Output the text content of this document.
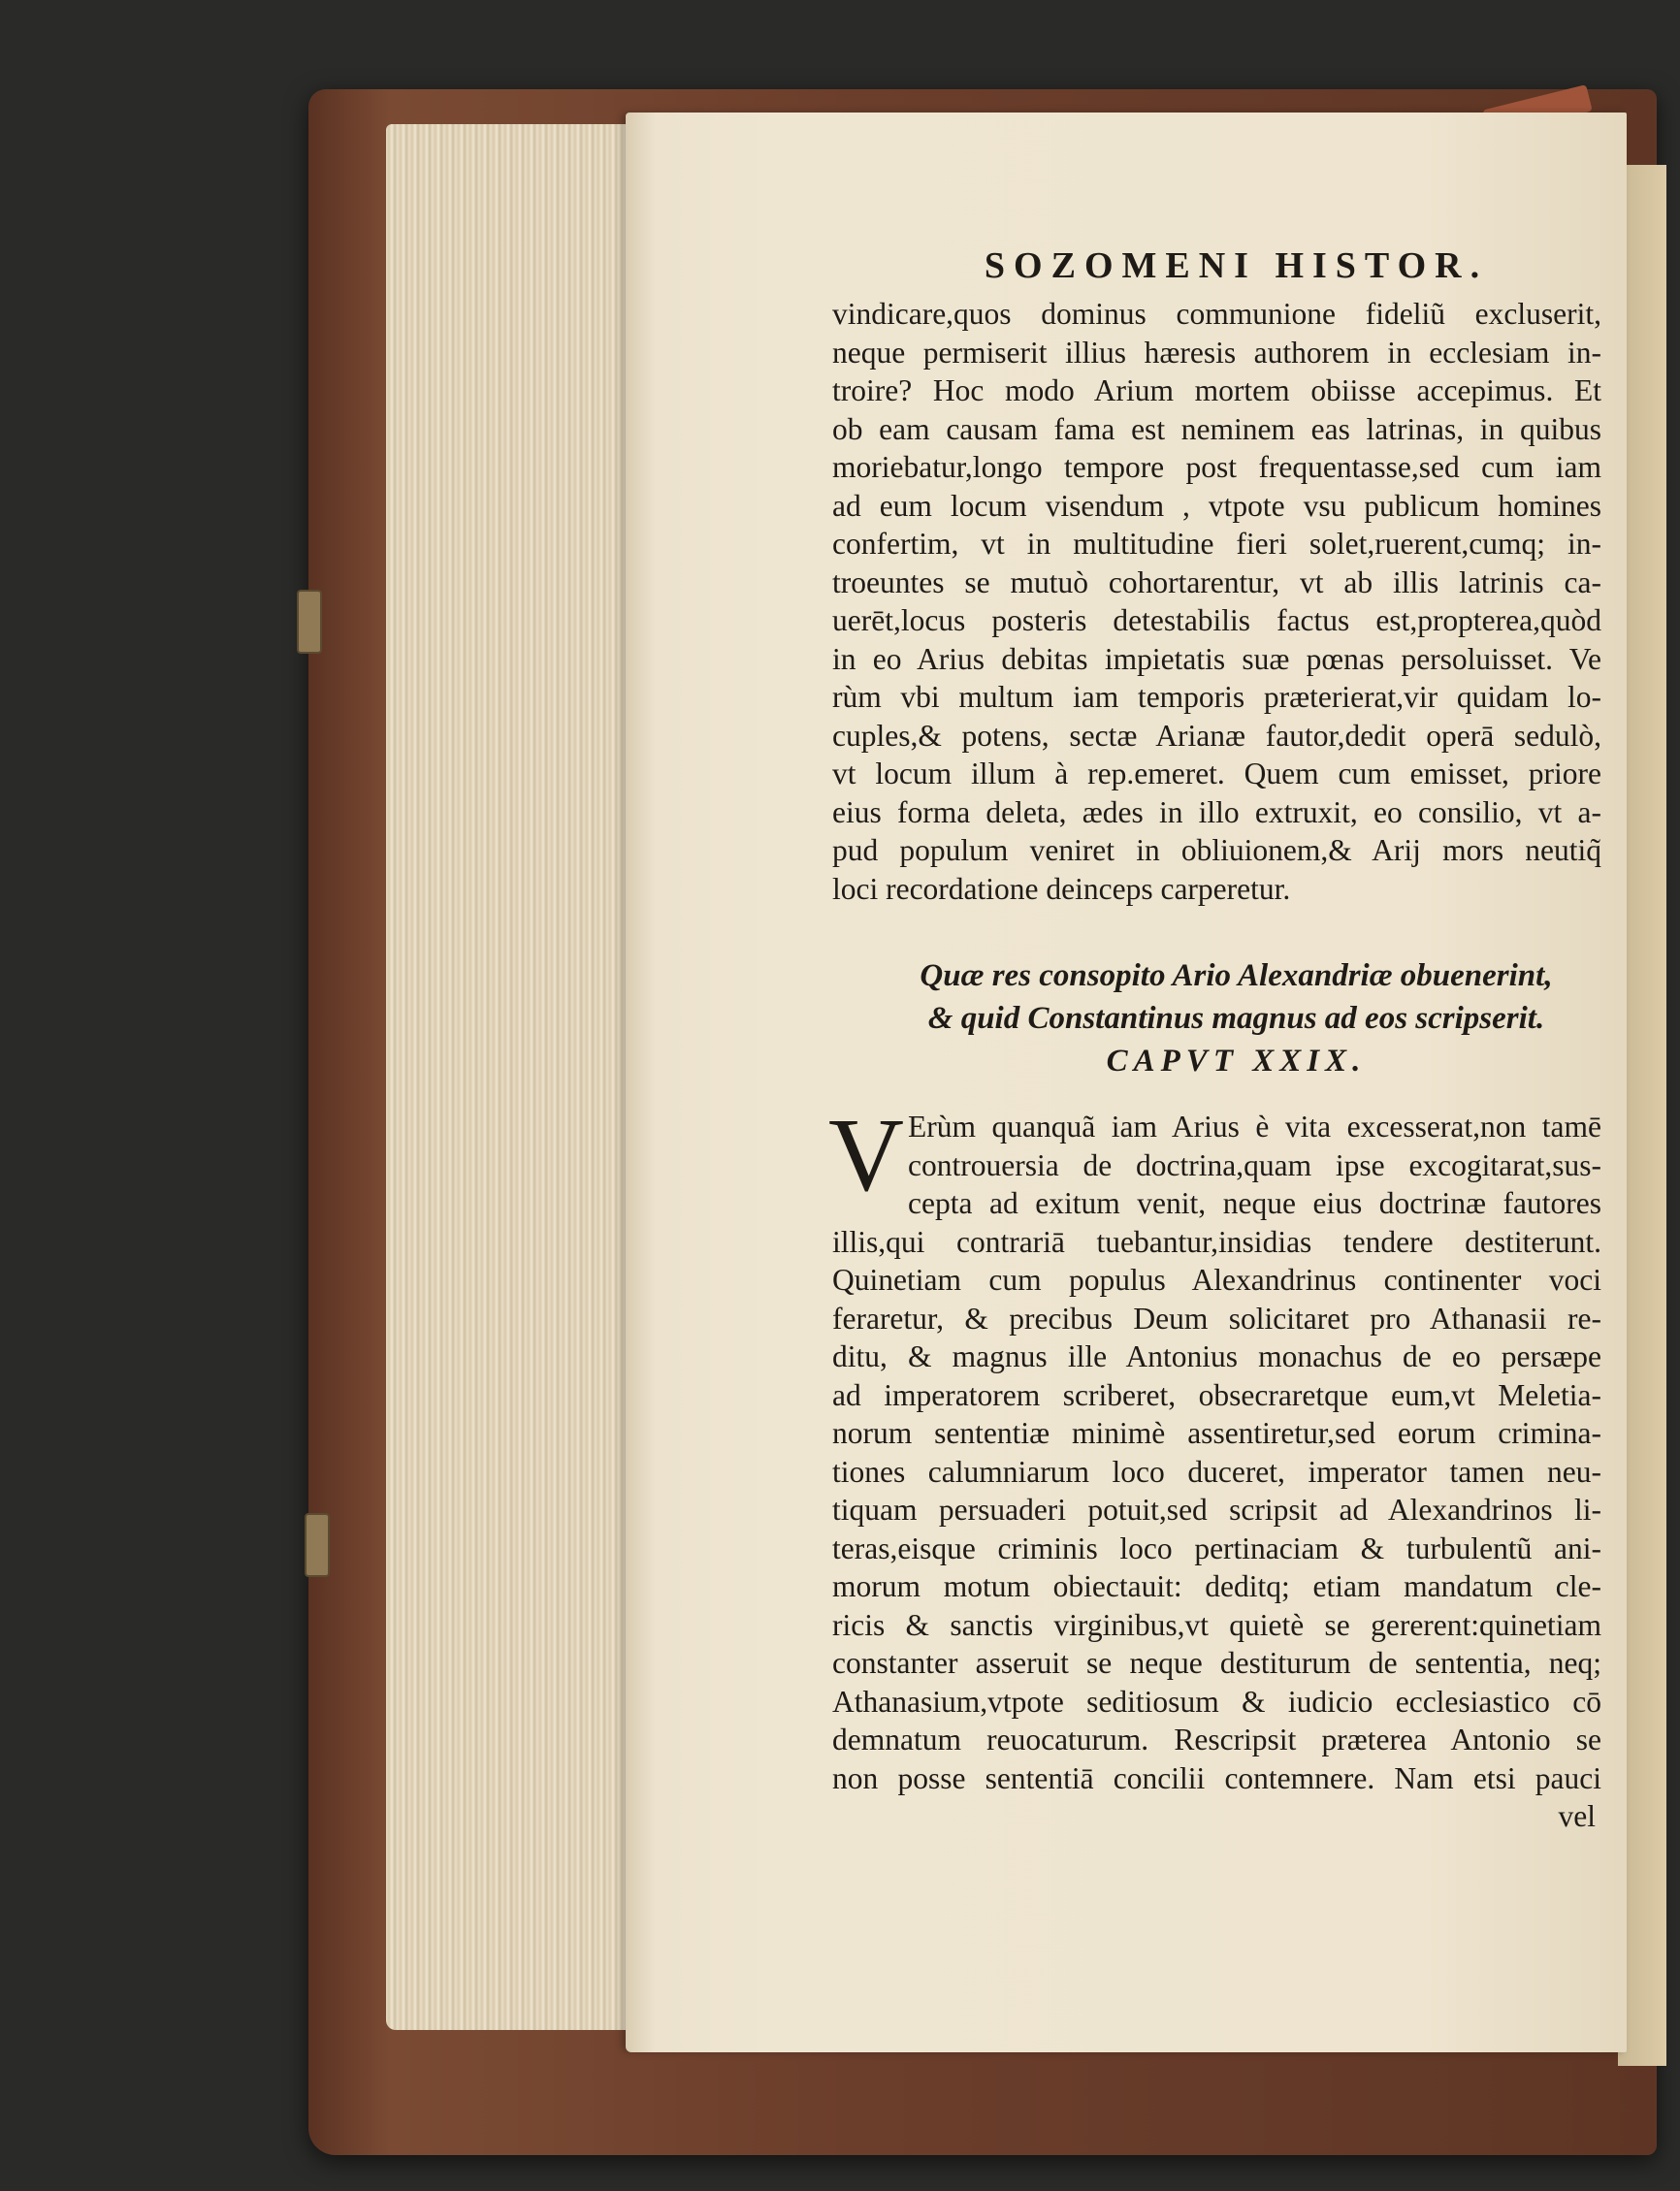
SOZOMENI HISTOR.
vindicare,quos dominus communione fideliũ excluserit,
neque permiserit illius hæresis authorem in ecclesiam in-
troire? Hoc modo Arium mortem obiisse accepimus. Et
ob eam causam fama est neminem eas latrinas, in quibus
moriebatur,longo tempore post frequentasse,sed cum iam
ad eum locum visendum , vtpote vsu publicum homines
confertim, vt in multitudine fieri solet,ruerent,cumq; in-
troeuntes se mutuò cohortarentur, vt ab illis latrinis ca-
uerēt,locus posteris detestabilis factus est,propterea,quòd
in eo Arius debitas impietatis suæ pœnas persoluisset. Ve
rùm vbi multum iam temporis præterierat,vir quidam lo-
cuples,& potens, sectæ Arianæ fautor,dedit operā sedulò,
vt locum illum à rep.emeret. Quem cum emisset, priore
eius forma deleta, ædes in illo extruxit, eo consilio, vt a-
pud populum veniret in obliuionem,& Arij mors neutiq̃
loci recordatione deinceps carperetur.
Quæ res consopito Ario Alexandriæ obuenerint,
& quid Constantinus magnus ad eos scripserit.
CAPVT XXIX.
V Erùm quanquã iam Arius è vita excesserat,non tamē
controuersia de doctrina,quam ipse excogitarat,sus-
cepta ad exitum venit, neque eius doctrinæ fautores
illis,qui contrariā tuebantur,insidias tendere destiterunt.
Quinetiam cum populus Alexandrinus continenter voci
feraretur, & precibus Deum solicitaret pro Athanasii re-
ditu, & magnus ille Antonius monachus de eo persæpe
ad imperatorem scriberet, obsecraretque eum,vt Meletia-
norum sententiæ minimè assentiretur,sed eorum crimina-
tiones calumniarum loco duceret, imperator tamen neu-
tiquam persuaderi potuit,sed scripsit ad Alexandrinos li-
teras,eisque criminis loco pertinaciam & turbulentũ ani-
morum motum obiectauit: deditq; etiam mandatum cle-
ricis & sanctis virginibus,vt quietè se gererent:quinetiam
constanter asseruit se neque destiturum de sententia, neq;
Athanasium,vtpote seditiosum & iudicio ecclesiastico cō
demnatum reuocaturum. Rescripsit præterea Antonio se
non posse sententiā concilii contemnere. Nam etsi pauci
vel
